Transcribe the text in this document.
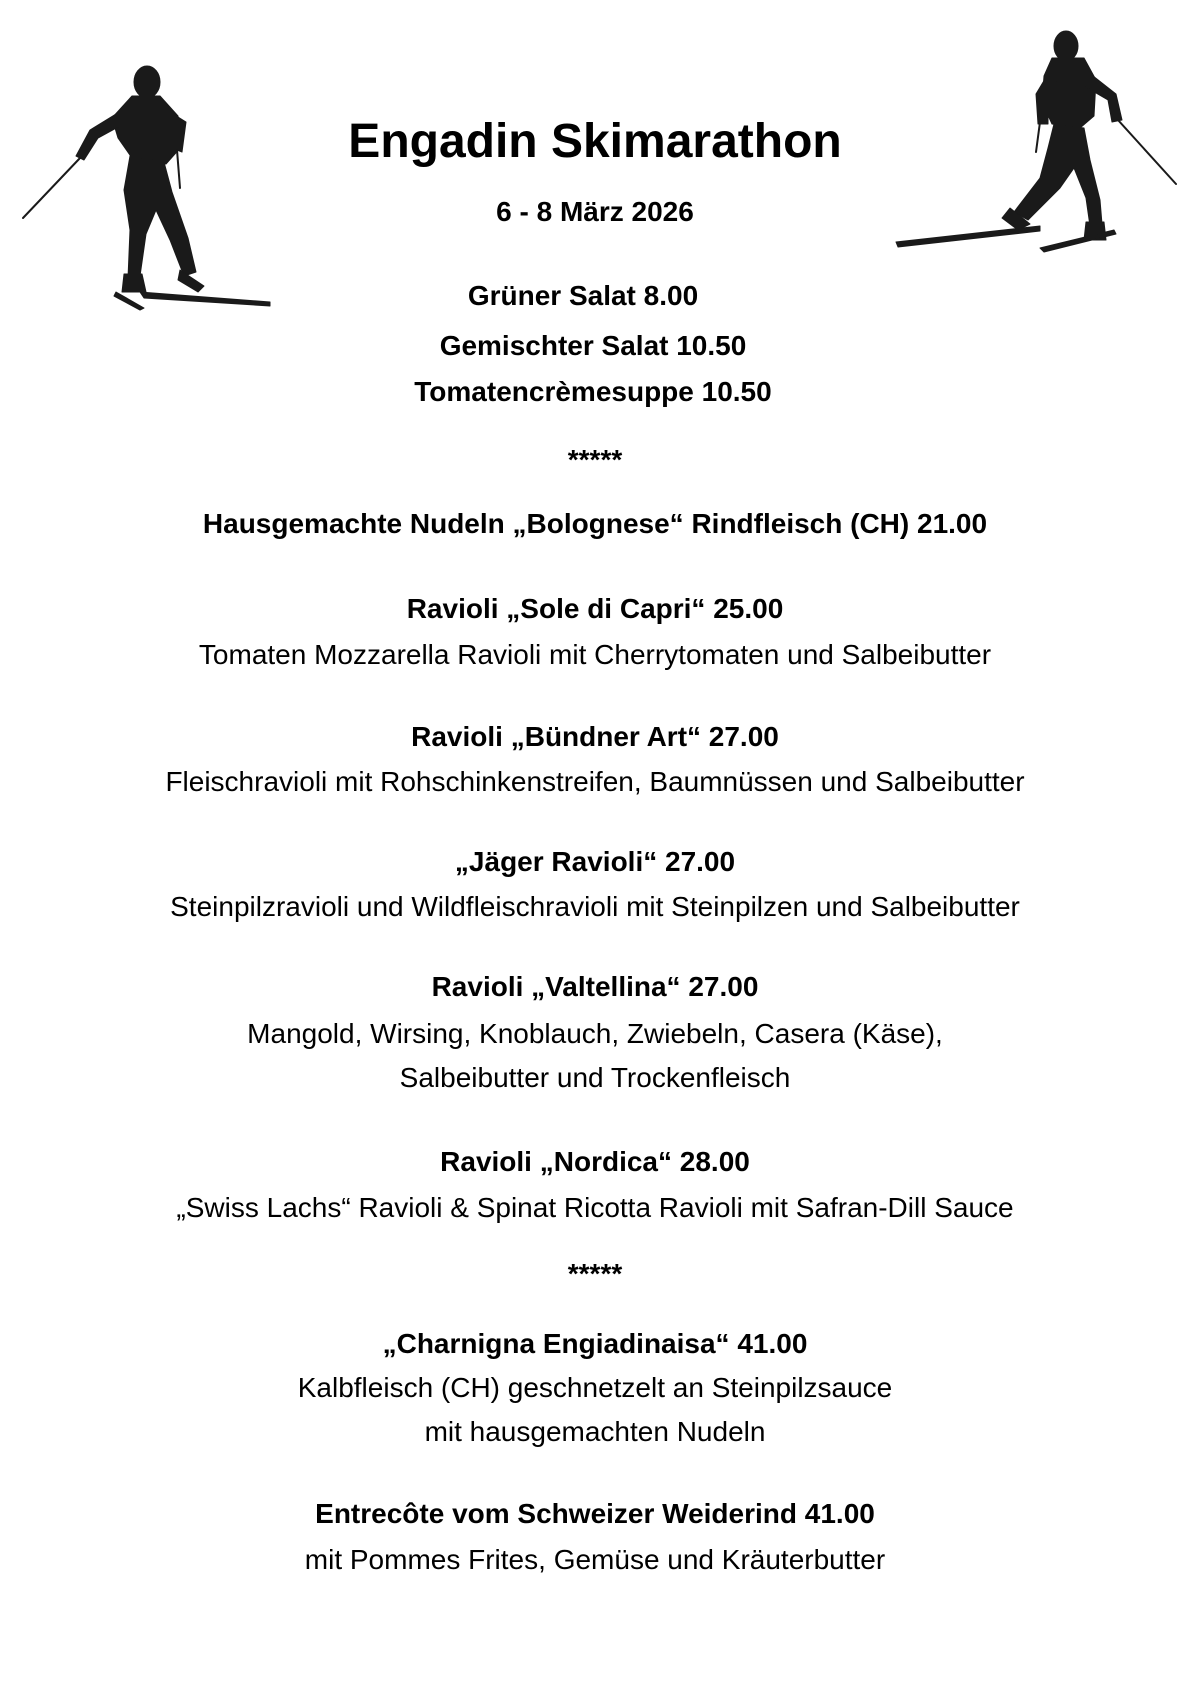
Engadin Skimarathon
6 - 8 März 2026
Grüner Salat 8.00
Gemischter Salat 10.50
Tomatencrèmesuppe 10.50
*****
Hausgemachte Nudeln „Bolognese“ Rindfleisch (CH) 21.00
Ravioli „Sole di Capri“ 25.00
Tomaten Mozzarella Ravioli mit Cherrytomaten und Salbeibutter
Ravioli „Bündner Art“ 27.00
Fleischravioli mit Rohschinkenstreifen, Baumnüssen und Salbeibutter
„Jäger Ravioli“ 27.00
Steinpilzravioli und Wildfleischravioli mit Steinpilzen und Salbeibutter
Ravioli „Valtellina“ 27.00
Mangold, Wirsing, Knoblauch, Zwiebeln, Casera (Käse),
Salbeibutter und Trockenfleisch
Ravioli „Nordica“ 28.00
„Swiss Lachs“ Ravioli & Spinat Ricotta Ravioli mit Safran-Dill Sauce
*****
„Charnigna Engiadinaisa“ 41.00
Kalbfleisch (CH) geschnetzelt an Steinpilzsauce
mit hausgemachten Nudeln
Entrecôte vom Schweizer Weiderind 41.00
mit Pommes Frites, Gemüse und Kräuterbutter
